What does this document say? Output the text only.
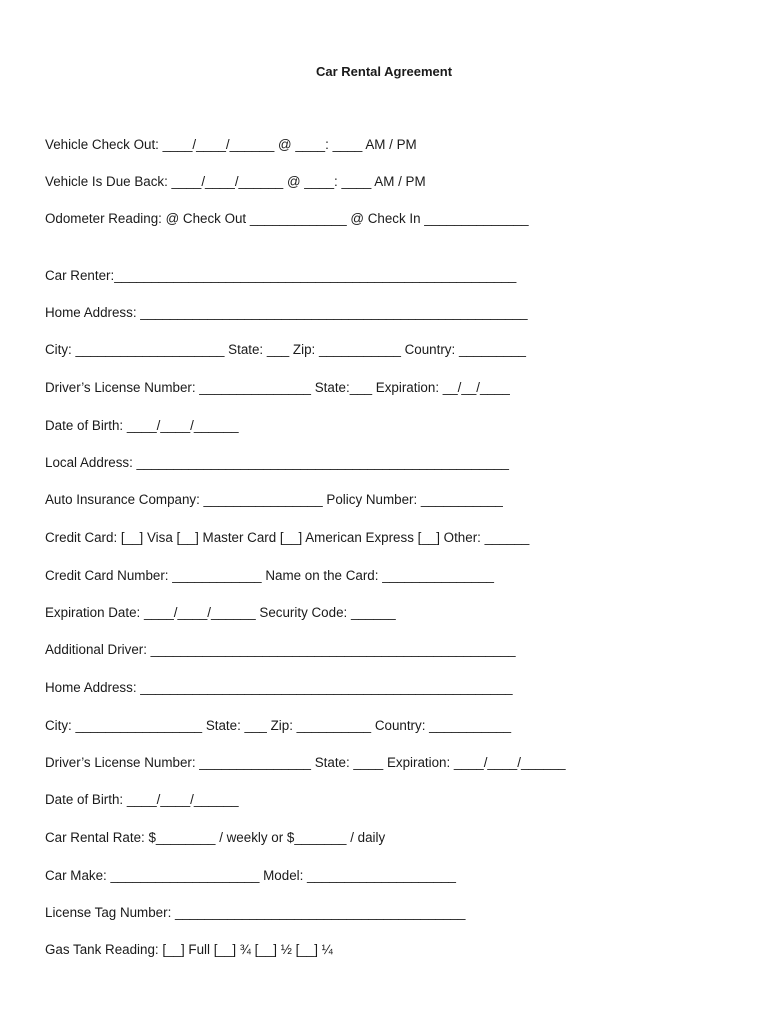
Car Rental Agreement
Vehicle Check Out: ____/____/______ @ ____: ____ AM / PM
Vehicle Is Due Back: ____/____/______ @ ____: ____ AM / PM
Odometer Reading: @ Check Out _____________ @ Check In ______________
Car Renter:______________________________________________________
Home Address: ____________________________________________________
City: ____________________ State: ___ Zip: ___________ Country: _________
Driver’s License Number: _______________ State:___ Expiration: __/__/____
Date of Birth: ____/____/______
Local Address: __________________________________________________
Auto Insurance Company: ________________ Policy Number: ___________
Credit Card: [__] Visa [__] Master Card [__] American Express [__] Other: ______
Credit Card Number: ____________ Name on the Card: _______________
Expiration Date: ____/____/______ Security Code: ______
Additional Driver: _________________________________________________
Home Address: __________________________________________________
City: _________________ State: ___ Zip: __________ Country: ___________
Driver’s License Number: _______________ State: ____ Expiration: ____/____/______
Date of Birth: ____/____/______
Car Rental Rate: $________ / weekly or $_______ / daily
Car Make: ____________________ Model: ____________________
License Tag Number: _______________________________________
Gas Tank Reading: [__] Full [__] ¾ [__] ½ [__] ¼
